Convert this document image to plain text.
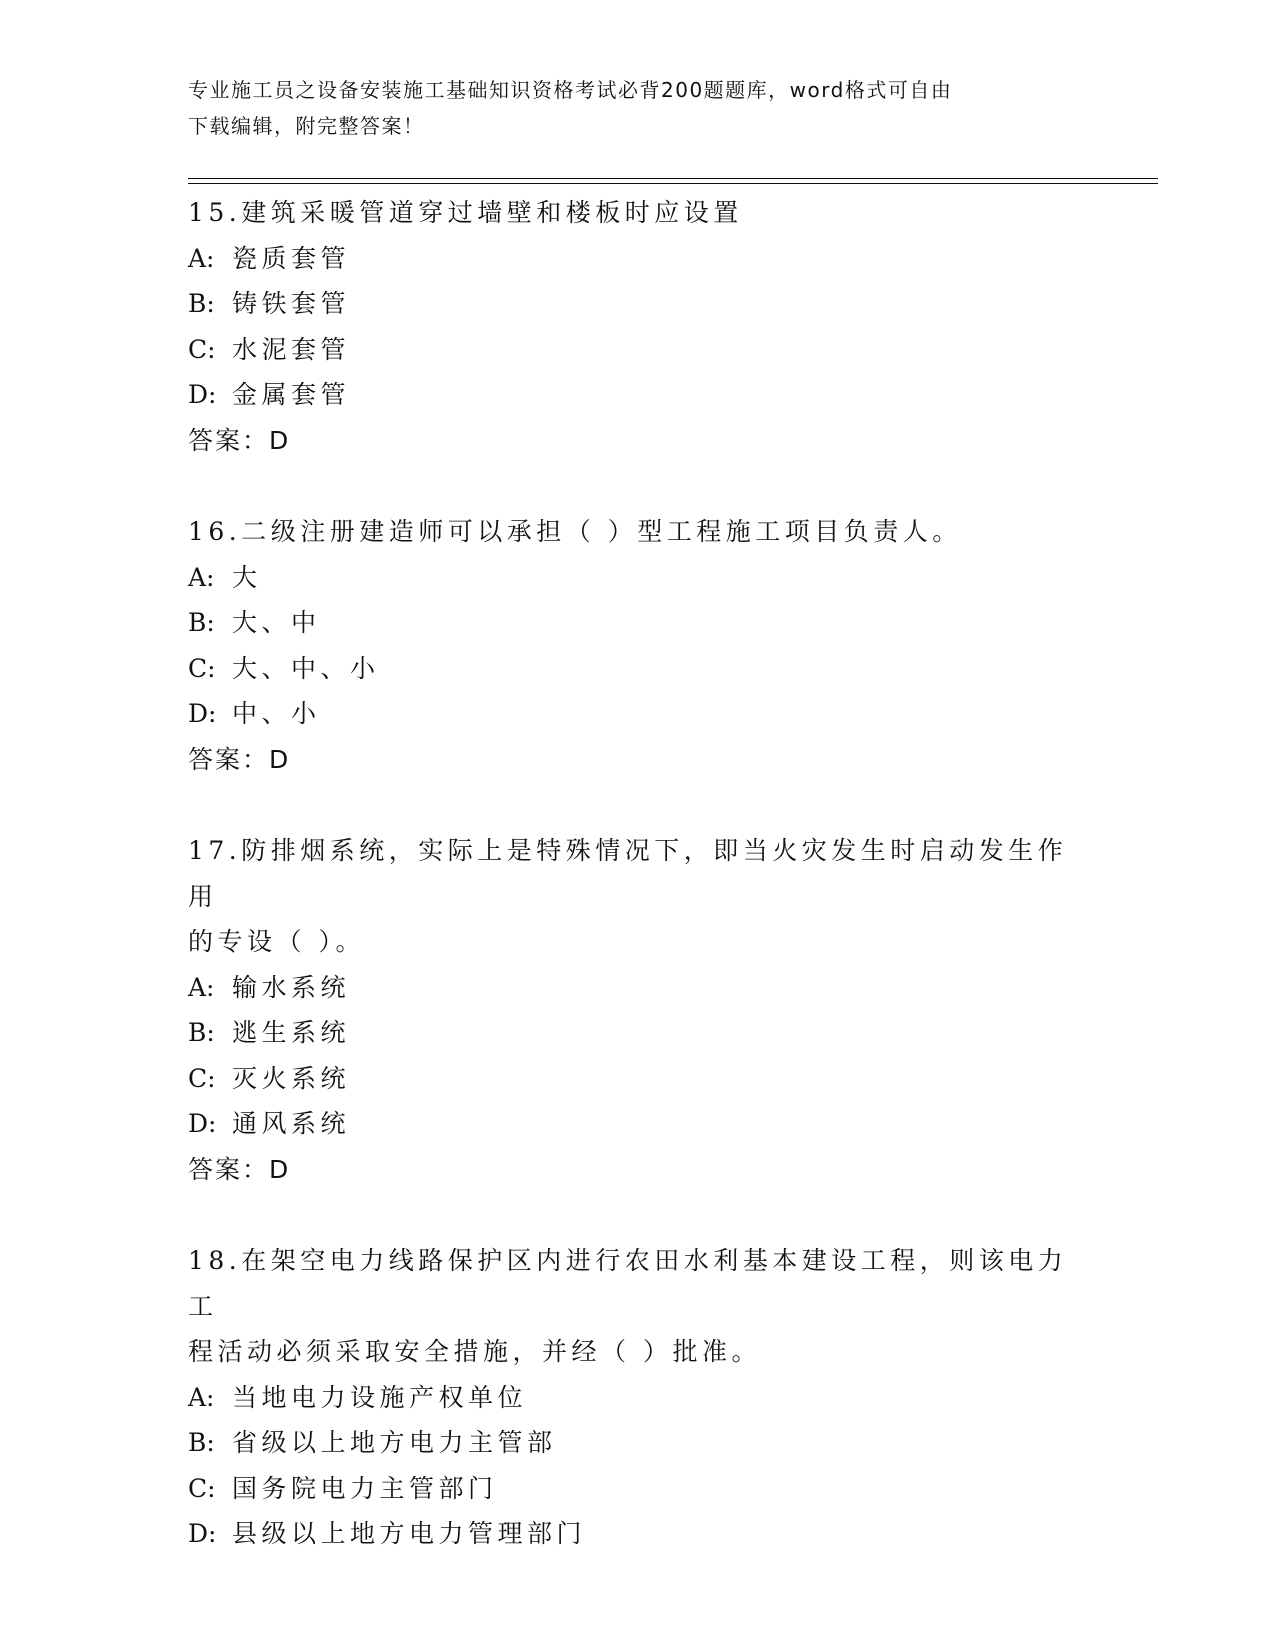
专业施工员之设备安装施工基础知识资格考试必背200题题库，word格式可自由
下载编辑，附完整答案！
15.建筑采暖管道穿过墙壁和楼板时应设置
A: 瓷质套管
B: 铸铁套管
C: 水泥套管
D: 金属套管
答案：D
16.二级注册建造师可以承担（ ）型工程施工项目负责人。
A: 大
B: 大、中
C: 大、中、小
D: 中、小
答案：D
17.防排烟系统，实际上是特殊情况下，即当火灾发生时启动发生作用
的专设（ ）。
A: 输水系统
B: 逃生系统
C: 灭火系统
D: 通风系统
答案：D
18.在架空电力线路保护区内进行农田水利基本建设工程，则该电力工
程活动必须采取安全措施，并经（ ）批准。
A: 当地电力设施产权单位
B: 省级以上地方电力主管部
C: 国务院电力主管部门
D: 县级以上地方电力管理部门
